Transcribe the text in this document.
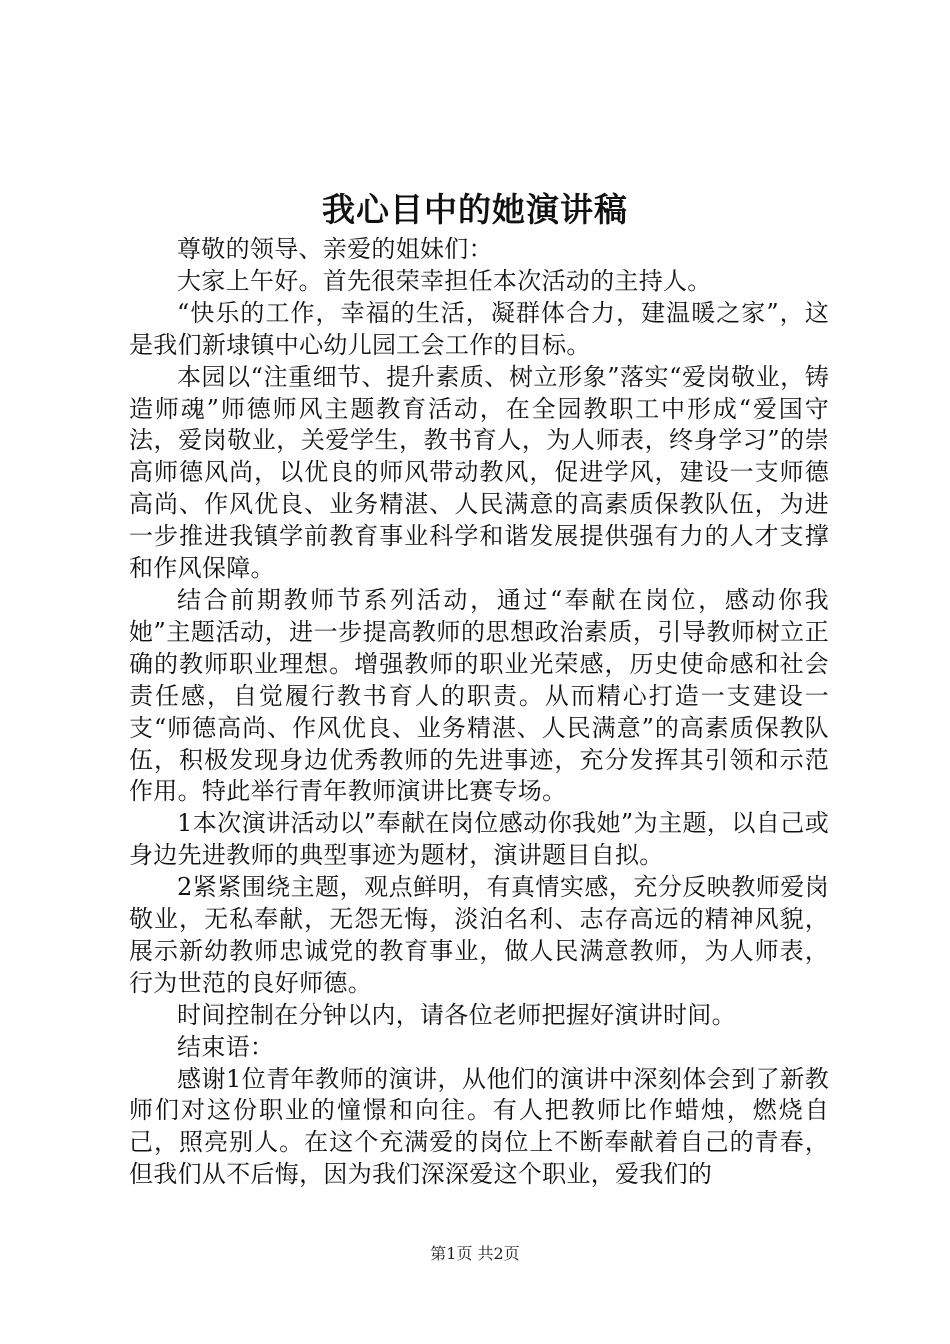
我心目中的她演讲稿

尊敬的领导、亲爱的姐妹们：

大家上午好。首先很荣幸担任本次活动的主持人。

“快乐的工作，幸福的生活，凝群体合力，建温暖之家”，这是我们新埭镇中心幼儿园工会工作的目标。

本园以“注重细节、提升素质、树立形象”落实“爱岗敬业，铸造师魂”师德师风主题教育活动，在全园教职工中形成“爱国守法，爱岗敬业，关爱学生，教书育人，为人师表，终身学习”的崇高师德风尚，以优良的师风带动教风，促进学风，建设一支师德高尚、作风优良、业务精湛、人民满意的高素质保教队伍，为进一步推进我镇学前教育事业科学和谐发展提供强有力的人才支撑和作风保障。

结合前期教师节系列活动，通过“奉献在岗位，感动你我她”主题活动，进一步提高教师的思想政治素质，引导教师树立正确的教师职业理想。增强教师的职业光荣感，历史使命感和社会责任感，自觉履行教书育人的职责。从而精心打造一支建设一支“师德高尚、作风优良、业务精湛、人民满意”的高素质保教队伍，积极发现身边优秀教师的先进事迹，充分发挥其引领和示范作用。特此举行青年教师演讲比赛专场。

1本次演讲活动以”奉献在岗位感动你我她”为主题，以自己或身边先进教师的典型事迹为题材，演讲题目自拟。

2紧紧围绕主题，观点鲜明，有真情实感，充分反映教师爱岗敬业，无私奉献，无怨无悔，淡泊名利、志存高远的精神风貌，展示新幼教师忠诚党的教育事业，做人民满意教师，为人师表，行为世范的良好师德。

时间控制在分钟以内，请各位老师把握好演讲时间。

结束语：

感谢1位青年教师的演讲，从他们的演讲中深刻体会到了新教师们对这份职业的憧憬和向往。有人把教师比作蜡烛，燃烧自己，照亮别人。在这个充满爱的岗位上不断奉献着自己的青春，但我们从不后悔，因为我们深深爱这个职业，爱我们的

第1页 共2页
